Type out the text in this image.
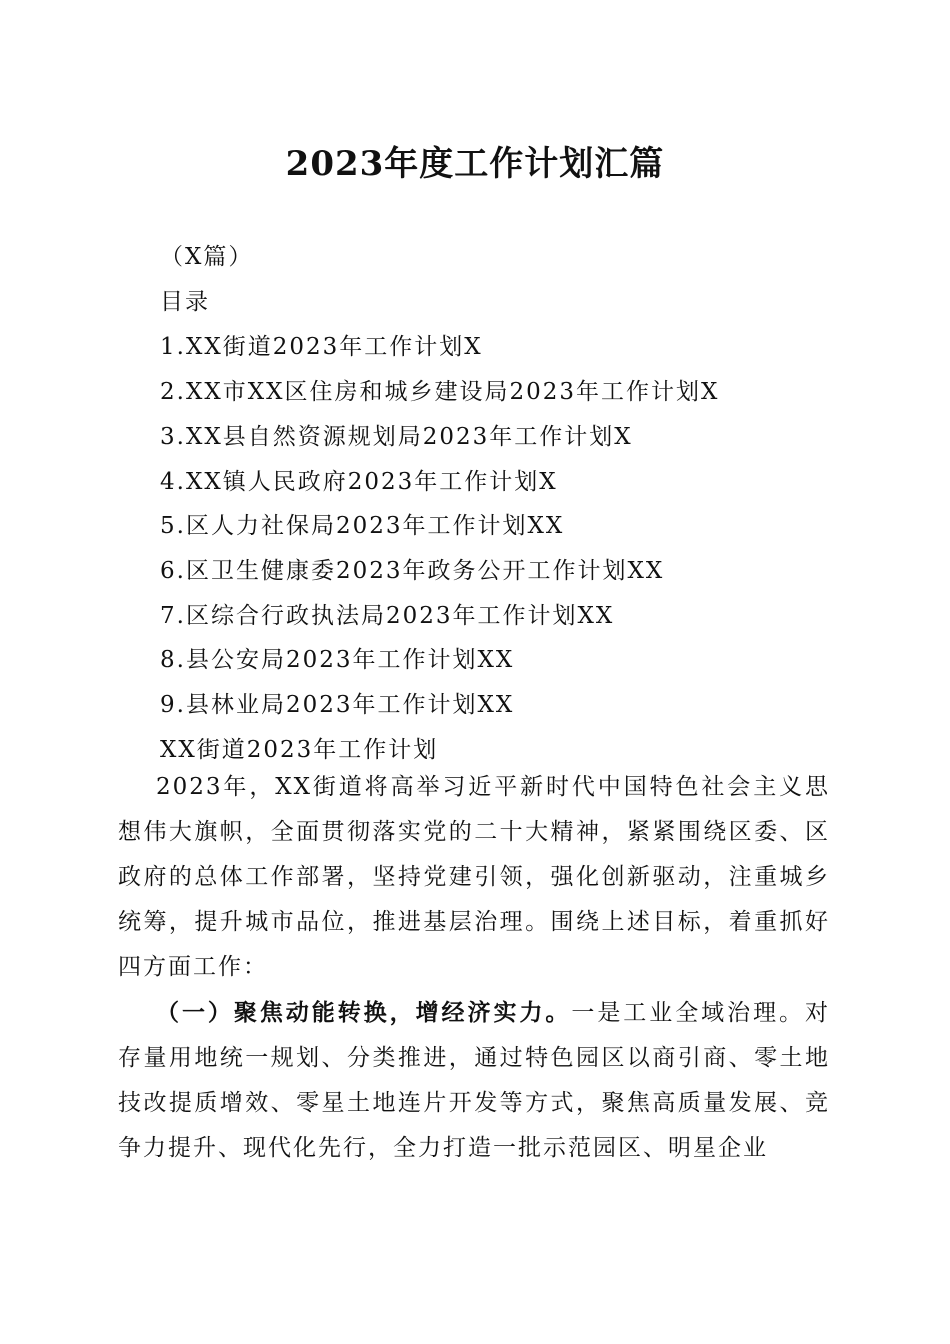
2023年度工作计划汇篇
（X篇）
目录
1.XX街道2023年工作计划X
2.XX市XX区住房和城乡建设局2023年工作计划X
3.XX县自然资源规划局2023年工作计划X
4.XX镇人民政府2023年工作计划X
5.区人力社保局2023年工作计划XX
6.区卫生健康委2023年政务公开工作计划XX
7.区综合行政执法局2023年工作计划XX
8.县公安局2023年工作计划XX
9.县林业局2023年工作计划XX
XX街道2023年工作计划

2023年，XX街道将高举习近平新时代中国特色社会主义思想伟大旗帜，全面贯彻落实党的二十大精神，紧紧围绕区委、区政府的总体工作部署，坚持党建引领，强化创新驱动，注重城乡统筹，提升城市品位，推进基层治理。围绕上述目标，着重抓好四方面工作：

（一）聚焦动能转换，增经济实力。一是工业全域治理。对存量用地统一规划、分类推进，通过特色园区以商引商、零土地技改提质增效、零星土地连片开发等方式，聚焦高质量发展、竞争力提升、现代化先行，全力打造一批示范园区、明星企业
